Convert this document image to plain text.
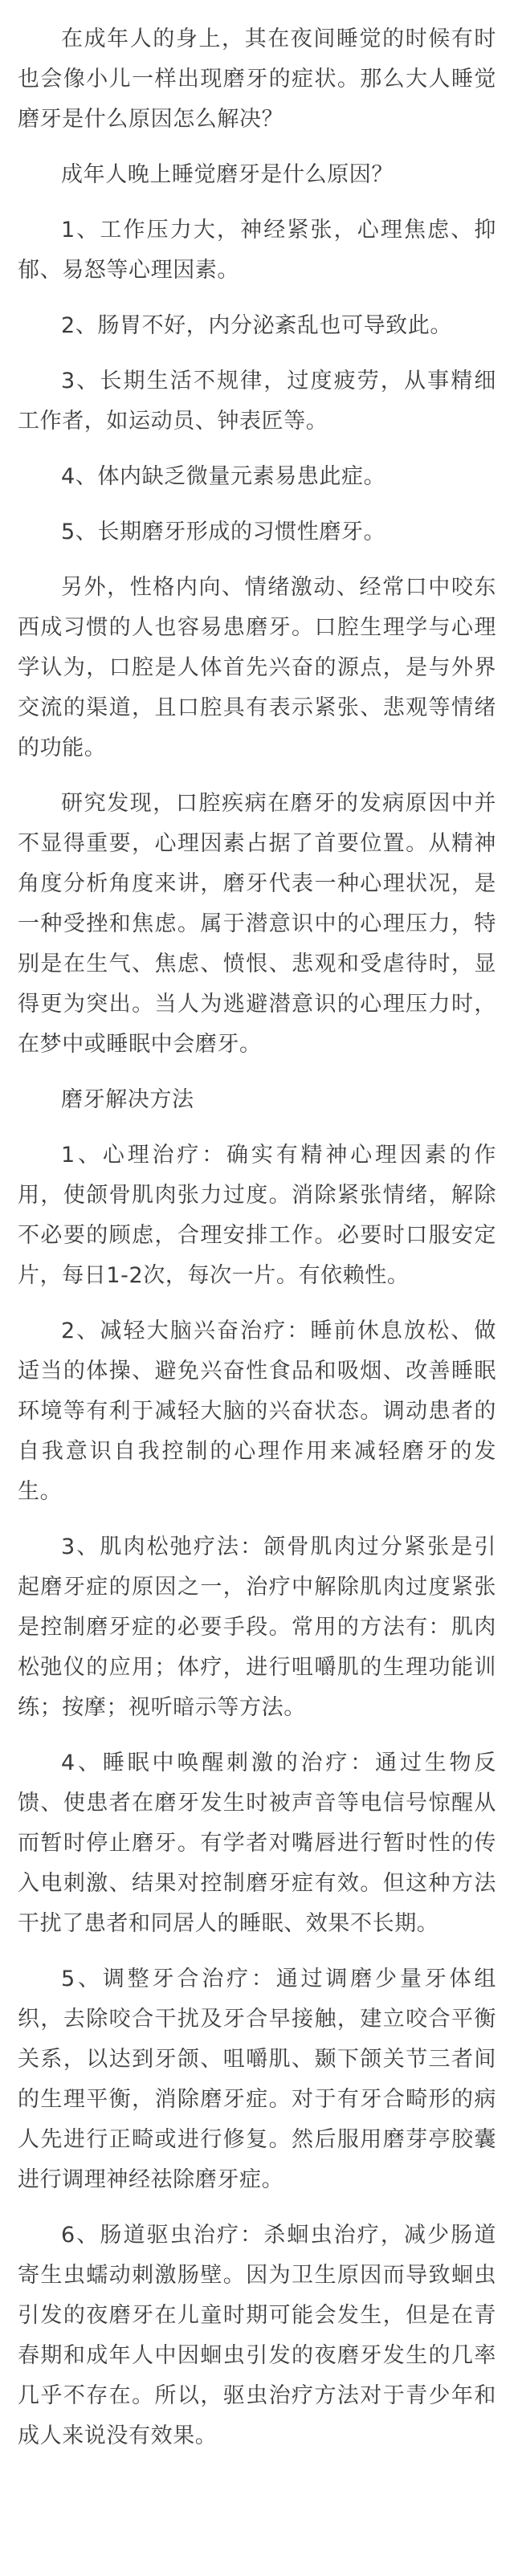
在成年人的身上，其在夜间睡觉的时候有时也会像小儿一样出现磨牙的症状。那么大人睡觉磨牙是什么原因怎么解决？

成年人晚上睡觉磨牙是什么原因？

1、工作压力大，神经紧张，心理焦虑、抑郁、易怒等心理因素。

2、肠胃不好，内分泌紊乱也可导致此。

3、长期生活不规律，过度疲劳，从事精细工作者，如运动员、钟表匠等。

4、体内缺乏微量元素易患此症。

5、长期磨牙形成的习惯性磨牙。

另外，性格内向、情绪激动、经常口中咬东西成习惯的人也容易患磨牙。口腔生理学与心理学认为，口腔是人体首先兴奋的源点，是与外界交流的渠道，且口腔具有表示紧张、悲观等情绪的功能。

研究发现，口腔疾病在磨牙的发病原因中并不显得重要，心理因素占据了首要位置。从精神角度分析角度来讲，磨牙代表一种心理状况，是一种受挫和焦虑。属于潜意识中的心理压力，特别是在生气、焦虑、愤恨、悲观和受虐待时，显得更为突出。当人为逃避潜意识的心理压力时，在梦中或睡眠中会磨牙。

磨牙解决方法

1、心理治疗：确实有精神心理因素的作用，使颌骨肌肉张力过度。消除紧张情绪，解除不必要的顾虑，合理安排工作。必要时口服安定片，每日1-2次，每次一片。有依赖性。

2、减轻大脑兴奋治疗：睡前休息放松、做适当的体操、避免兴奋性食品和吸烟、改善睡眠环境等有利于减轻大脑的兴奋状态。调动患者的自我意识自我控制的心理作用来减轻磨牙的发生。

3、肌肉松弛疗法：颌骨肌肉过分紧张是引起磨牙症的原因之一，治疗中解除肌肉过度紧张是控制磨牙症的必要手段。常用的方法有：肌肉松弛仪的应用；体疗，进行咀嚼肌的生理功能训练；按摩；视听暗示等方法。

4、睡眠中唤醒刺激的治疗：通过生物反馈、使患者在磨牙发生时被声音等电信号惊醒从而暂时停止磨牙。有学者对嘴唇进行暂时性的传入电刺激、结果对控制磨牙症有效。但这种方法干扰了患者和同居人的睡眠、效果不长期。

5、调整牙合治疗：通过调磨少量牙体组织，去除咬合干扰及牙合早接触，建立咬合平衡关系，以达到牙颌、咀嚼肌、颞下颌关节三者间的生理平衡，消除磨牙症。对于有牙合畸形的病人先进行正畸或进行修复。然后服用磨芽亭胶囊进行调理神经祛除磨牙症。

6、肠道驱虫治疗：杀蛔虫治疗，减少肠道寄生虫蠕动刺激肠壁。因为卫生原因而导致蛔虫引发的夜磨牙在儿童时期可能会发生，但是在青春期和成年人中因蛔虫引发的夜磨牙发生的几率几乎不存在。所以，驱虫治疗方法对于青少年和成人来说没有效果。
